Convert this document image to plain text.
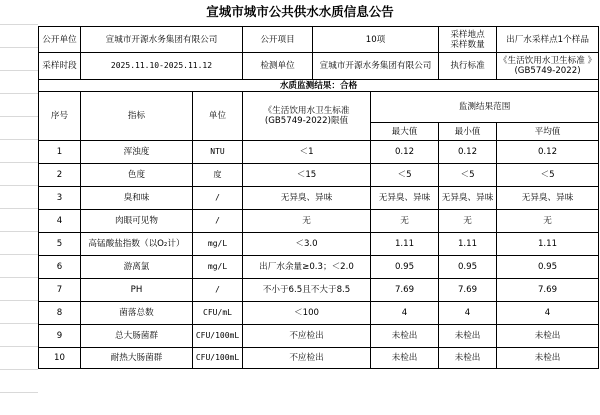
宣城市城市公共供水水质信息公告
公开单位	宣城市开源水务集团有限公司		公开项目	10项		采样地点
采样数量	出厂水采样点1个样品
采样时段	2025.11.10-2025.11.12		检测单位	宣城市开源水务集团有限公司		执行标准	《生活饮用水卫生标准 》
(GB5749-2022)
水质监测结果：合格							
序号	指标	单位	《生活饮用水卫生标准
(GB5749-2022)限值		监测结果范围		
					最大值	最小值	平均值
1	浑浊度	NTU	＜1		0.12	0.12	0.12
2	色度	度	＜15		＜5	＜5	＜5
3	臭和味	/	无异臭、异味		无异臭、异味	无异臭、异味	无异臭、异味
4	肉眼可见物	/	无		无	无	无
5	高锰酸盐指数（以O₂计）	mg/L	＜3.0		1.11	1.11	1.11
6	游离氯	mg/L	出厂水余量≥0.3；＜2.0		0.95	0.95	0.95
7	PH	/	不小于6.5且不大于8.5		7.69	7.69	7.69
8	菌落总数	CFU/mL	＜100		4	4	4
9	总大肠菌群	CFU/100mL	不应检出		未检出	未检出	未检出
10	耐热大肠菌群	CFU/100mL	不应检出		未检出	未检出	未检出
